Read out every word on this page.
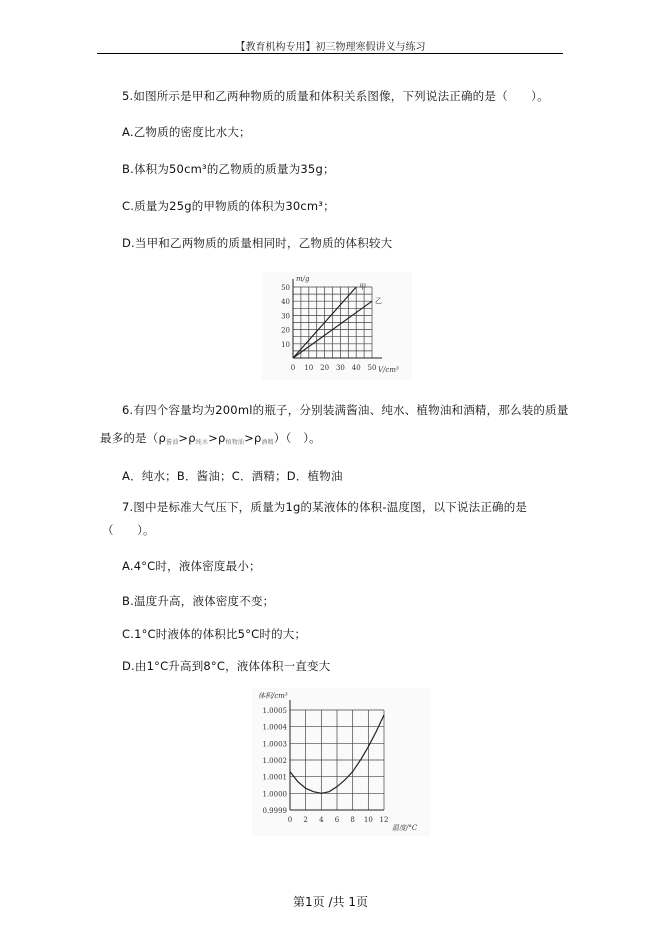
【教育机构专用】初三物理寒假讲义与练习
5.如图所示是甲和乙两种物质的质量和体积关系图像，下列说法正确的是（　　）。
A.乙物质的密度比水大；
B.体积为50cm³的乙物质的质量为35g；
C.质量为25g的甲物质的体积为30cm³；
D.当甲和乙两物质的质量相同时，乙物质的体积较大
0 10 20 30 40 50
10
20
30
40
50
V/cm³
m/g
甲
乙
6.有四个容量均为200ml的瓶子，分别装满酱油、纯水、植物油和酒精，那么装的质量
最多的是$(\rho_{酱油}>\rho_{纯水}>\rho_{植物油}>\rho_{酒精})$（　）。
A．纯水；B．酱油；C．酒精；D．植物油
7.图中是标准大气压下，质量为1g的某液体的体积-温度图，以下说法正确的是
（　　）。
A.4°C时，液体密度最小；
B.温度升高，液体密度不变；
C.1°C时液体的体积比5°C时的大；
D.由1°C升高到8°C，液体体积一直变大
0 2 4 6 8 10 12
0.9999
1.0000
1.0001
1.0002
1.0003
1.0004
1.0005
温度/°C
体积/cm³
第1页 /共 1页
